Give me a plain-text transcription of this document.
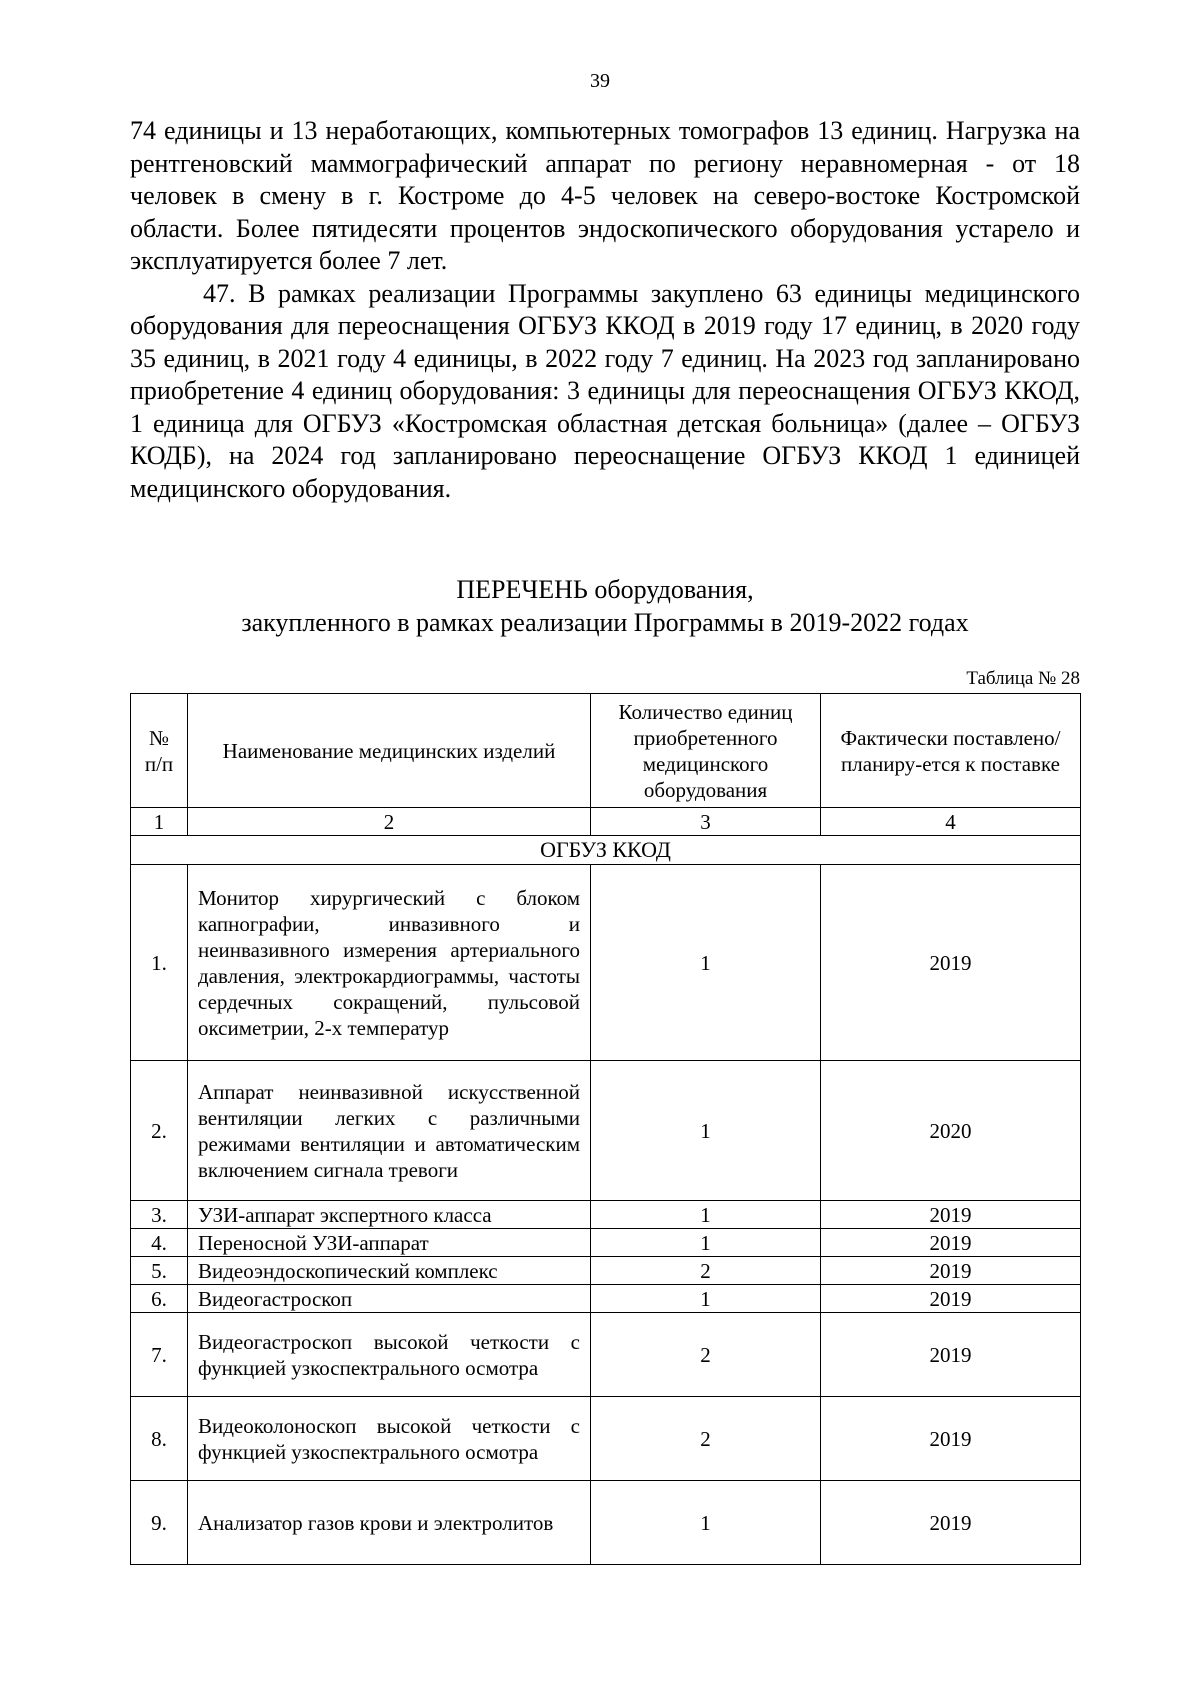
39

74 единицы и 13 неработающих, компьютерных томографов 13 единиц. Нагрузка на рентгеновский маммографический аппарат по региону неравномерная - от 18 человек в смену в г. Костроме до 4-5 человек на северо-востоке Костромской области. Более пятидесяти процентов эндоскопического оборудования устарело и эксплуатируется более 7 лет.

47. В рамках реализации Программы закуплено 63 единицы медицинского оборудования для переоснащения ОГБУЗ ККОД в 2019 году 17 единиц, в 2020 году 35 единиц, в 2021 году 4 единицы, в 2022 году 7 единиц. На 2023 год запланировано приобретение 4 единиц оборудования: 3 единицы для переоснащения ОГБУЗ ККОД, 1 единица для ОГБУЗ «Костромская областная детская больница» (далее – ОГБУЗ КОДБ), на 2024 год запланировано переоснащение ОГБУЗ ККОД 1 единицей медицинского оборудования.

ПЕРЕЧЕНЬ оборудования,
закупленного в рамках реализации Программы в 2019-2022 годах
Таблица № 28
№ п/п	Наименование медицинских изделий	Количество единиц приобретенного медицинского оборудования	Фактически поставлено/планиру-ется к поставке
1	2	3	4
ОГБУЗ ККОД			
1.	Монитор хирургический с блоком капнографии, инвазивного и неинвазивного измерения артериального давления, электрокардиограммы, частоты сердечных сокращений, пульсовой оксиметрии, 2-х температур	1	2019
2.	Аппарат неинвазивной искусственной вентиляции легких с различными режимами вентиляции и автоматическим включением сигнала тревоги	1	2020
3.	УЗИ-аппарат экспертного класса	1	2019
4.	Переносной УЗИ-аппарат	1	2019
5.	Видеоэндоскопический комплекс	2	2019
6.	Видеогастроскоп	1	2019
7.	Видеогастроскоп высокой четкости с функцией узкоспектрального осмотра	2	2019
8.	Видеоколоноскоп высокой четкости с функцией узкоспектрального осмотра	2	2019
9.	Анализатор газов крови и электролитов	1	2019
